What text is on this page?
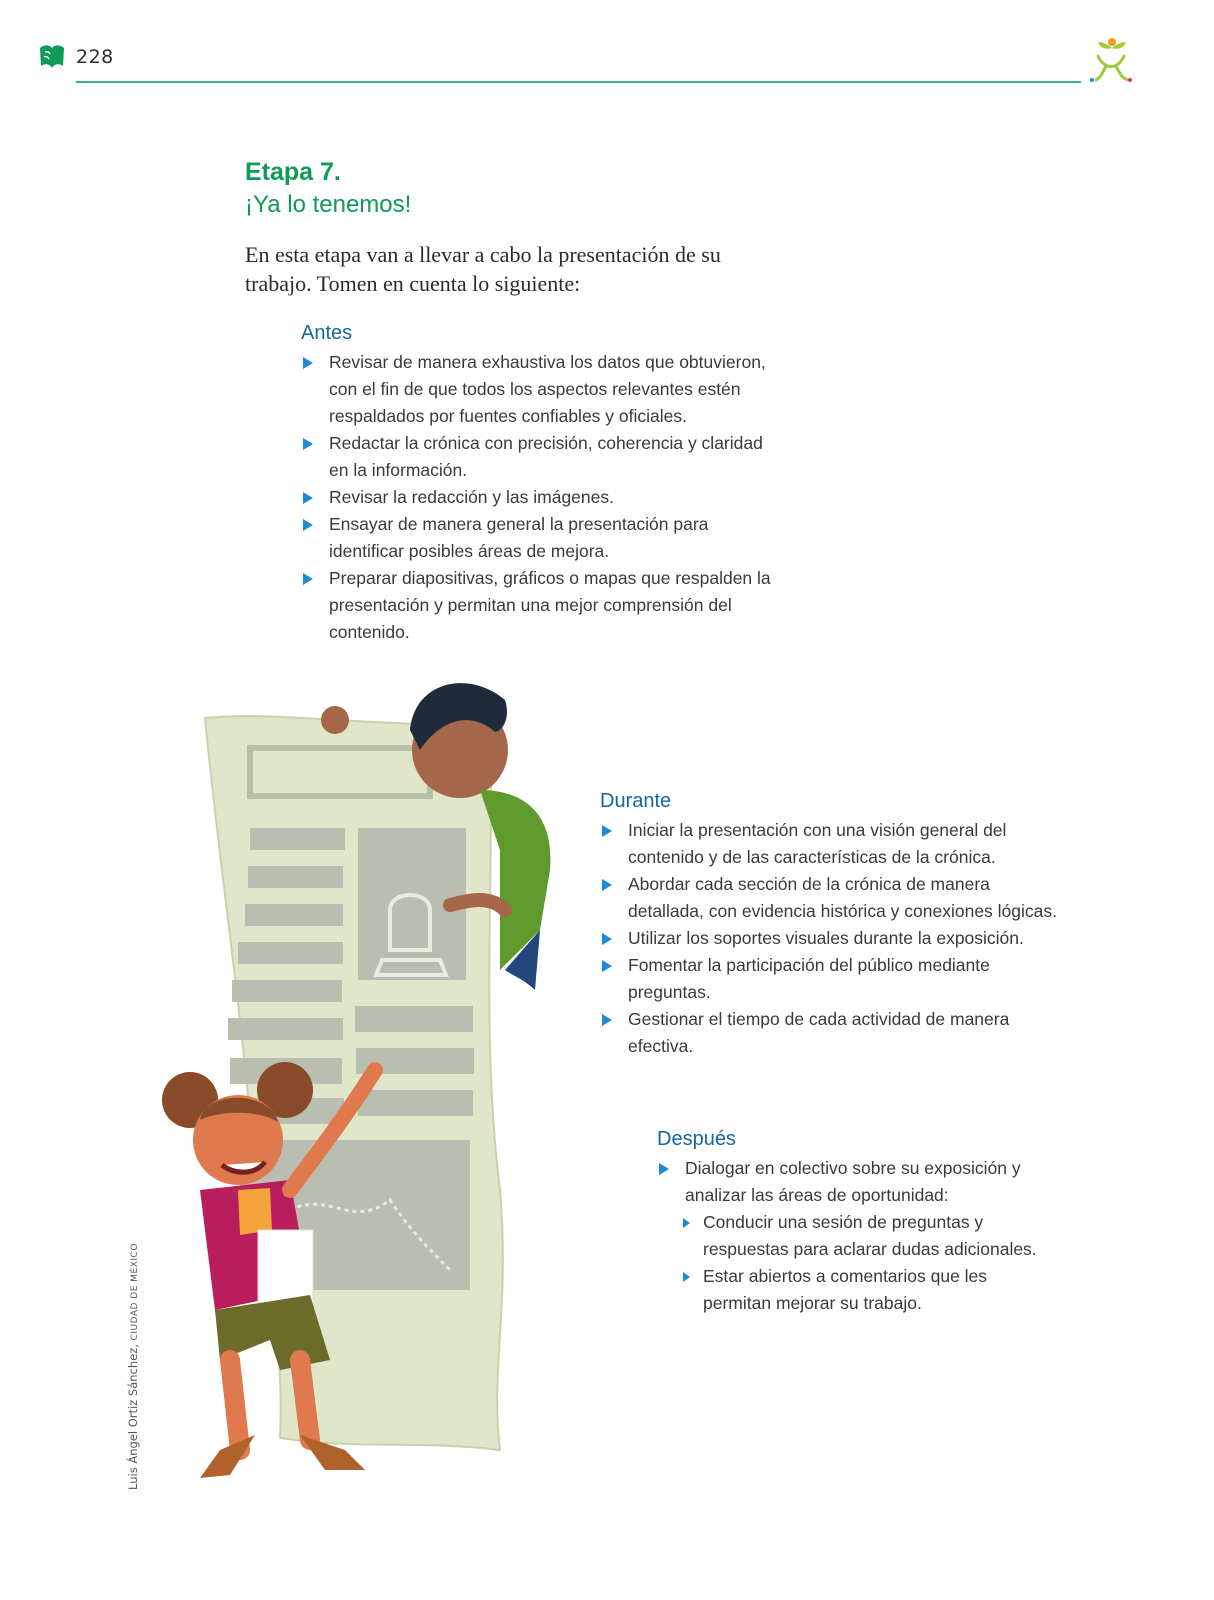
228
Etapa 7.
¡Ya lo tenemos!
En esta etapa van a llevar a cabo la presentación de su trabajo. Tomen en cuenta lo siguiente:
Antes
Revisar de manera exhaustiva los datos que obtuvieron, con el fin de que todos los aspectos relevantes estén respaldados por fuentes confiables y oficiales.
Redactar la crónica con precisión, coherencia y claridad en la información.
Revisar la redacción y las imágenes.
Ensayar de manera general la presentación para identificar posibles áreas de mejora.
Preparar diapositivas, gráficos o mapas que respalden la presentación y permitan una mejor comprensión del contenido.
Durante
Iniciar la presentación con una visión general del contenido y de las características de la crónica.
Abordar cada sección de la crónica de manera detallada, con evidencia histórica y conexiones lógicas.
Utilizar los soportes visuales durante la exposición.
Fomentar la participación del público mediante preguntas.
Gestionar el tiempo de cada actividad de manera efectiva.
Después
Dialogar en colectivo sobre su exposición y analizar las áreas de oportunidad:
Conducir una sesión de preguntas y respuestas para aclarar dudas adicionales.
Estar abiertos a comentarios que les permitan mejorar su trabajo.
Luis Ángel Ortiz Sánchez, CIUDAD DE MÉXICO
